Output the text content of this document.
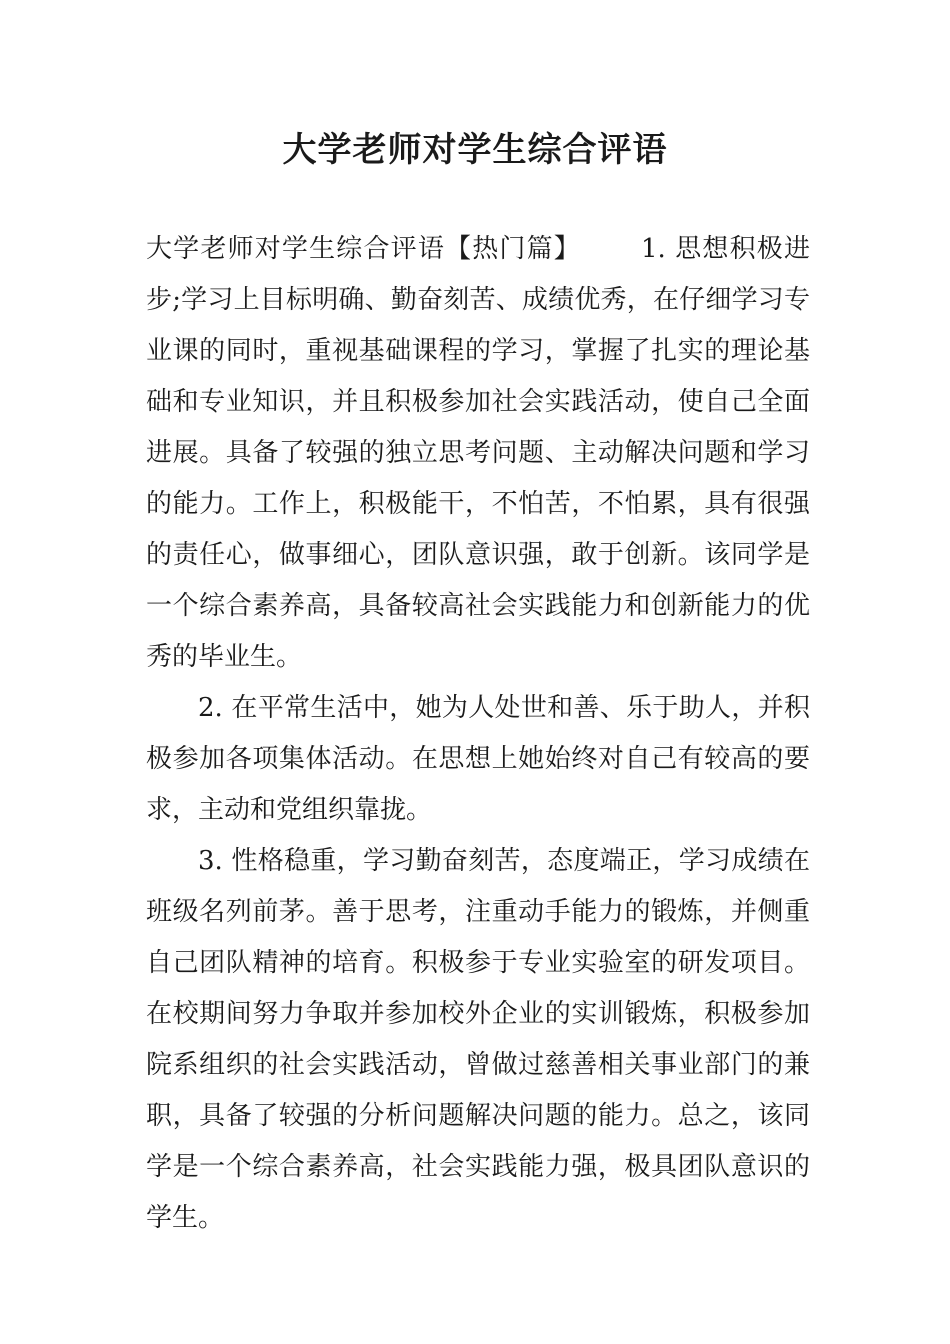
大学老师对学生综合评语

大学老师对学生综合评语【热门篇】 1. 思想积极进步;学习上目标明确、勤奋刻苦、成绩优秀，在仔细学习专业课的同时，重视基础课程的学习，掌握了扎实的理论基础和专业知识，并且积极参加社会实践活动，使自己全面进展。具备了较强的独立思考问题、主动解决问题和学习的能力。工作上，积极能干，不怕苦，不怕累，具有很强的责任心，做事细心，团队意识强，敢于创新。该同学是一个综合素养高，具备较高社会实践能力和创新能力的优秀的毕业生。

2. 在平常生活中，她为人处世和善、乐于助人，并积极参加各项集体活动。在思想上她始终对自己有较高的要求，主动和党组织靠拢。

3. 性格稳重，学习勤奋刻苦，态度端正，学习成绩在班级名列前茅。善于思考，注重动手能力的锻炼，并侧重自己团队精神的培育。积极参于专业实验室的研发项目。在校期间努力争取并参加校外企业的实训锻炼，积极参加院系组织的社会实践活动，曾做过慈善相关事业部门的兼职，具备了较强的分析问题解决问题的能力。总之，该同学是一个综合素养高，社会实践能力强，极具团队意识的学生。
